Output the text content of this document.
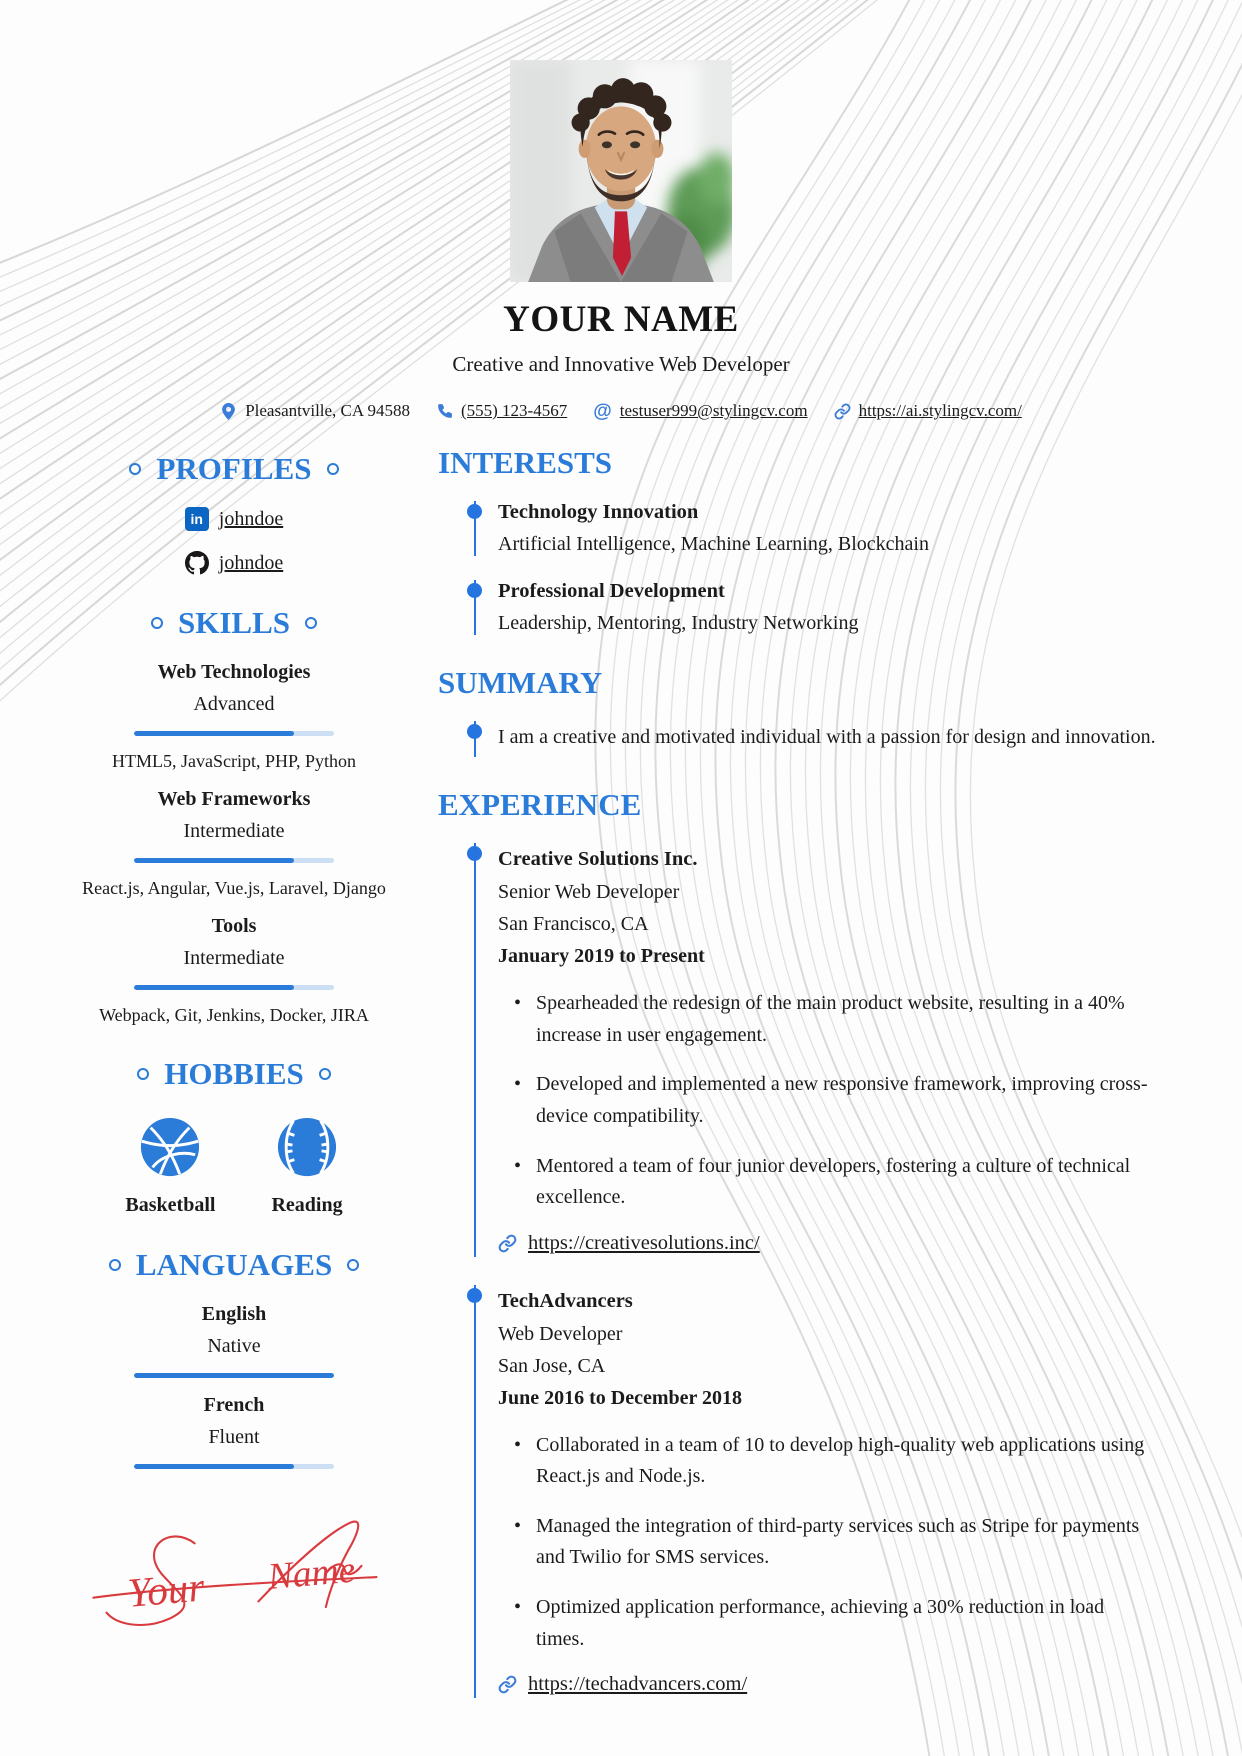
YOUR NAME
Creative and Innovative Web Developer
Pleasantville, CA 94588	(555) 123-4567 @ testuser999@stylingcv.com	https://ai.stylingcv.com/
PROFILES
in johndoe
johndoe
SKILLS
Web Technologies
Advanced
HTML5, JavaScript, PHP, Python
Web Frameworks
Intermediate
React.js, Angular, Vue.js, Laravel, Django
Tools
Intermediate
Webpack, Git, Jenkins, Docker, JIRA
HOBBIES
Basketball	Reading
LANGUAGES
English
Native
French
Fluent
Your Name
INTERESTS
Technology Innovation
Artificial Intelligence, Machine Learning, Blockchain
Professional Development
Leadership, Mentoring, Industry Networking
SUMMARY
I am a creative and motivated individual with a passion for design and innovation.
EXPERIENCE
Creative Solutions Inc.
Senior Web Developer
San Francisco, CA
January 2019 to Present
• Spearheaded the redesign of the main product website, resulting in a 40% increase in user engagement.
• Developed and implemented a new responsive framework, improving cross-device compatibility.
• Mentored a team of four junior developers, fostering a culture of technical excellence.
https://creativesolutions.inc/
TechAdvancers
Web Developer
San Jose, CA
June 2016 to December 2018
• Collaborated in a team of 10 to develop high-quality web applications using React.js and Node.js.
• Managed the integration of third-party services such as Stripe for payments and Twilio for SMS services.
• Optimized application performance, achieving a 30% reduction in load times.
https://techadvancers.com/
